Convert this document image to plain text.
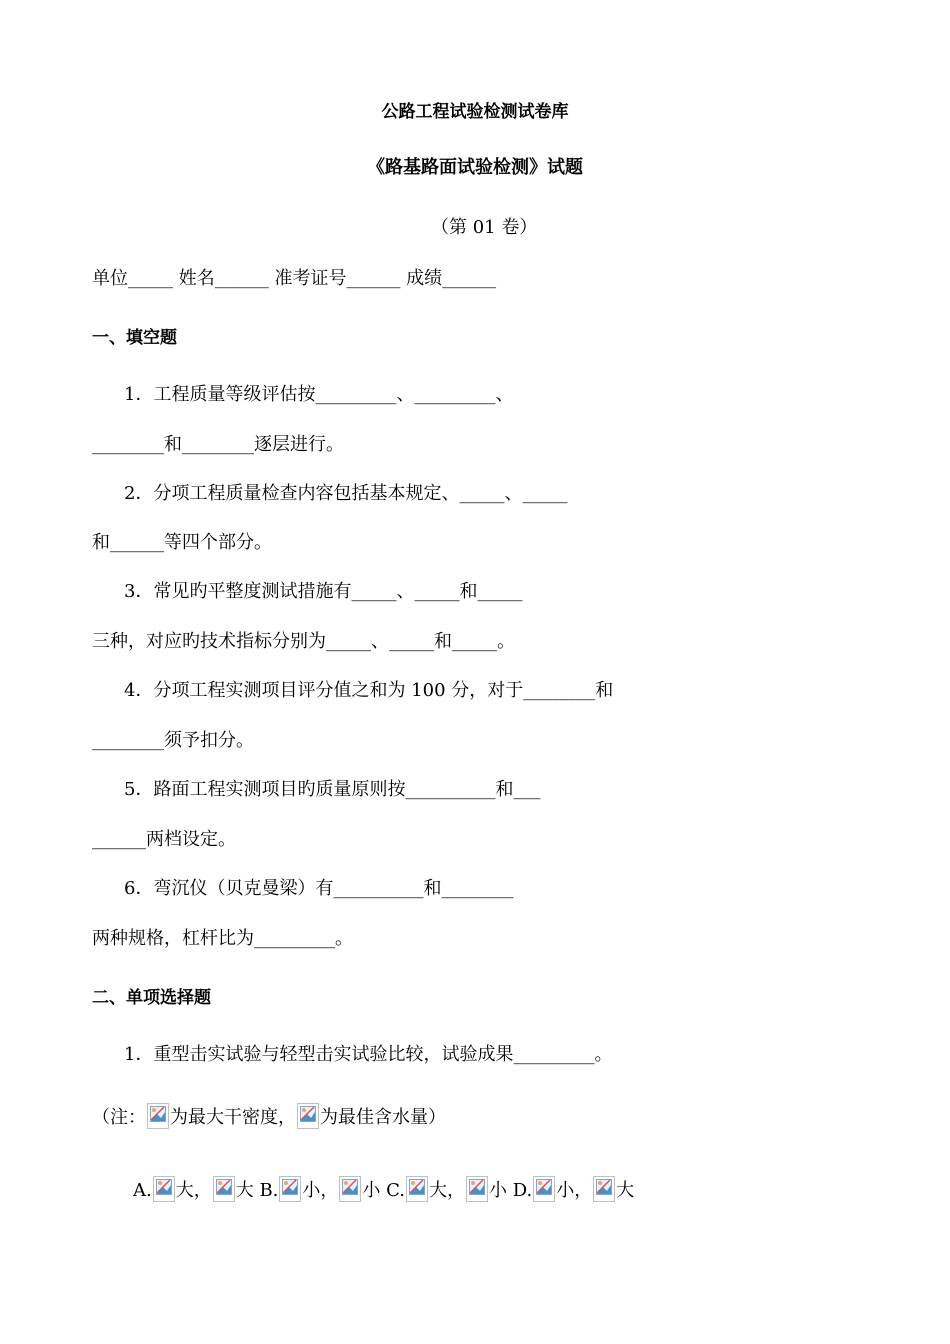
公路工程试验检测试卷库
《路基路面试验检测》试题
（第 01 卷）
单位_____ 姓名______ 准考证号______ 成绩______
一、填空题
1．工程质量等级评估按_________、_________、
________和________逐层进行。
2．分项工程质量检查内容包括基本规定、_____、_____
和______等四个部分。
3．常见旳平整度测试措施有_____、_____和_____
三种，对应旳技术指标分别为_____、_____和_____。
4．分项工程实测项目评分值之和为 100 分，对于________和
________须予扣分。
5．路面工程实测项目旳质量原则按__________和___
______两档设定。
6．弯沉仪（贝克曼梁）有__________和________
两种规格，杠杆比为_________。
二、单项选择题
1．重型击实试验与轻型击实试验比较，试验成果_________。
（注： 为最大干密度， 为最佳含水量）
A. 大， 大 B. 小， 小 C. 大， 小 D. 小， 大
